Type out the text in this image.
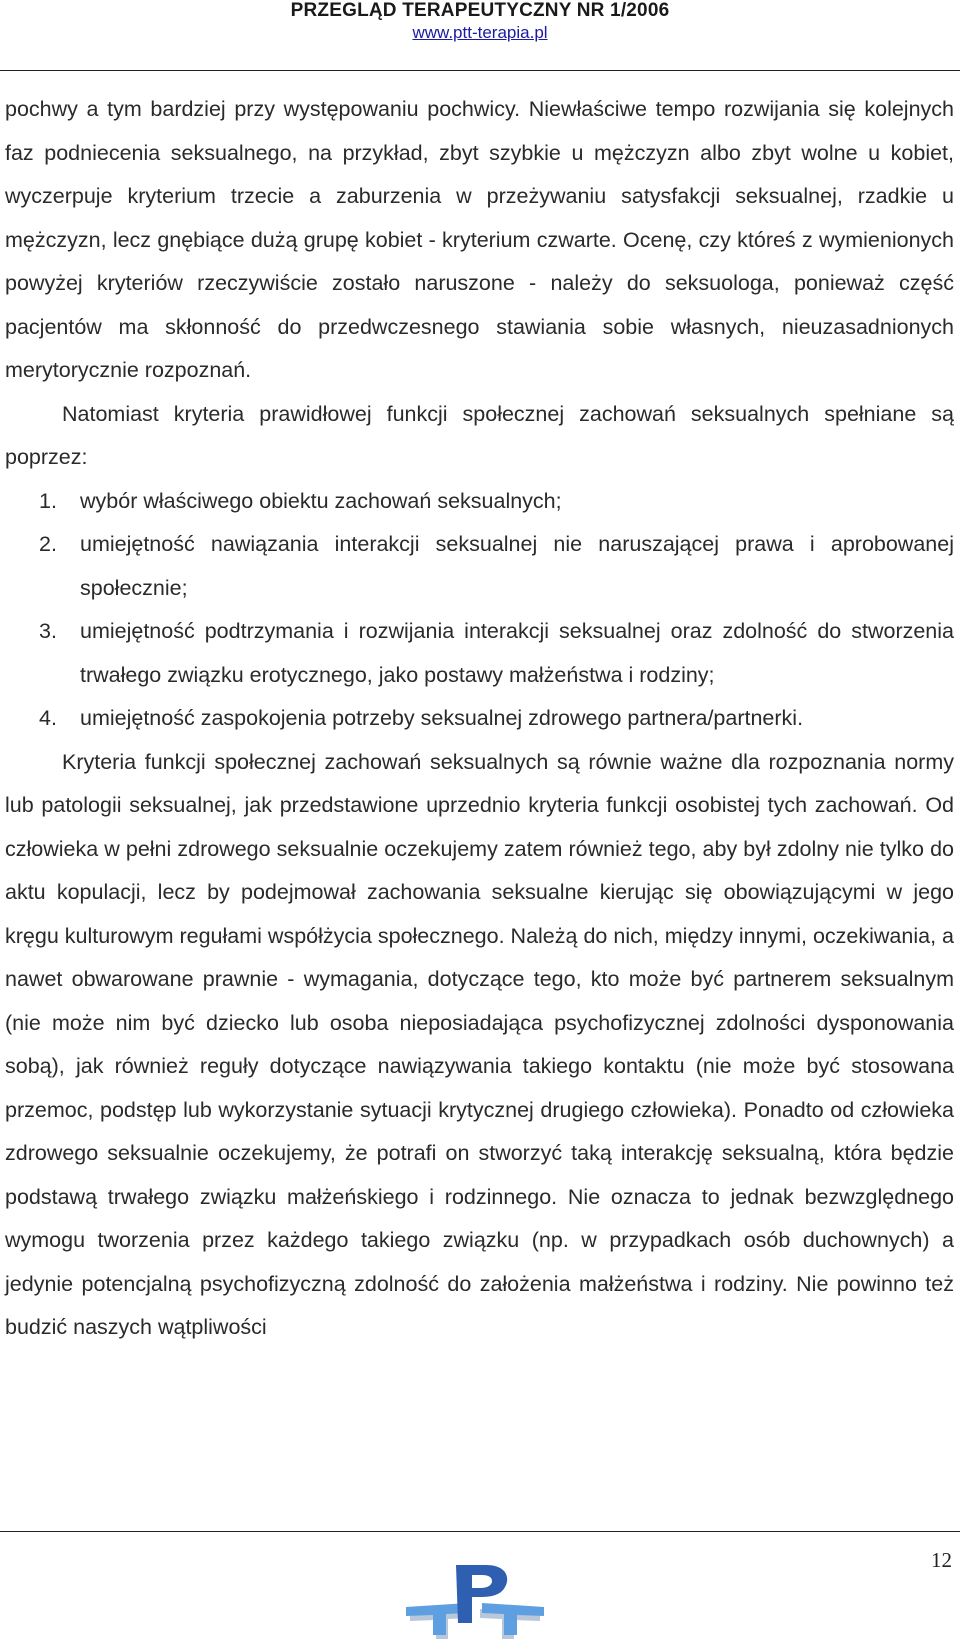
PRZEGLĄD TERAPEUTYCZNY NR 1/2006
www.ptt-terapia.pl

pochwy a tym bardziej przy występowaniu pochwicy. Niewłaściwe tempo rozwijania się kolejnych faz podniecenia seksualnego, na przykład, zbyt szybkie u mężczyzn albo zbyt wolne u kobiet, wyczerpuje kryterium trzecie a zaburzenia w przeżywaniu satysfakcji seksualnej, rzadkie u mężczyzn, lecz gnębiące dużą grupę kobiet - kryterium czwarte. Ocenę, czy któreś z wymienionych powyżej kryteriów rzeczywiście zostało naruszone - należy do seksuologa, ponieważ część pacjentów ma skłonność do przedwczesnego stawiania sobie własnych, nieuzasadnionych merytorycznie rozpoznań.

Natomiast kryteria prawidłowej funkcji społecznej zachowań seksualnych spełniane są poprzez:

1. wybór właściwego obiektu zachowań seksualnych;
2. umiejętność nawiązania interakcji seksualnej nie naruszającej prawa i aprobowanej społecznie;
3. umiejętność podtrzymania i rozwijania interakcji seksualnej oraz zdolność do stworzenia trwałego związku erotycznego, jako postawy małżeństwa i rodziny;
4. umiejętność zaspokojenia potrzeby seksualnej zdrowego partnera/partnerki.

Kryteria funkcji społecznej zachowań seksualnych są równie ważne dla rozpoznania normy lub patologii seksualnej, jak przedstawione uprzednio kryteria funkcji osobistej tych zachowań. Od człowieka w pełni zdrowego seksualnie oczekujemy zatem również tego, aby był zdolny nie tylko do aktu kopulacji, lecz by podejmował zachowania seksualne kierując się obowiązującymi w jego kręgu kulturowym regułami współżycia społecznego. Należą do nich, między innymi, oczekiwania, a nawet obwarowane prawnie - wymagania, dotyczące tego, kto może być partnerem seksualnym (nie może nim być dziecko lub osoba nieposiadająca psychofizycznej zdolności dysponowania sobą), jak również reguły dotyczące nawiązywania takiego kontaktu (nie może być stosowana przemoc, podstęp lub wykorzystanie sytuacji krytycznej drugiego człowieka). Ponadto od człowieka zdrowego seksualnie oczekujemy, że potrafi on stworzyć taką interakcję seksualną, która będzie podstawą trwałego związku małżeńskiego i rodzinnego. Nie oznacza to jednak bezwzględnego wymogu tworzenia przez każdego takiego związku (np. w przypadkach osób duchownych) a jedynie potencjalną psychofizyczną zdolność do założenia małżeństwa i rodziny. Nie powinno też budzić naszych wątpliwości

12
